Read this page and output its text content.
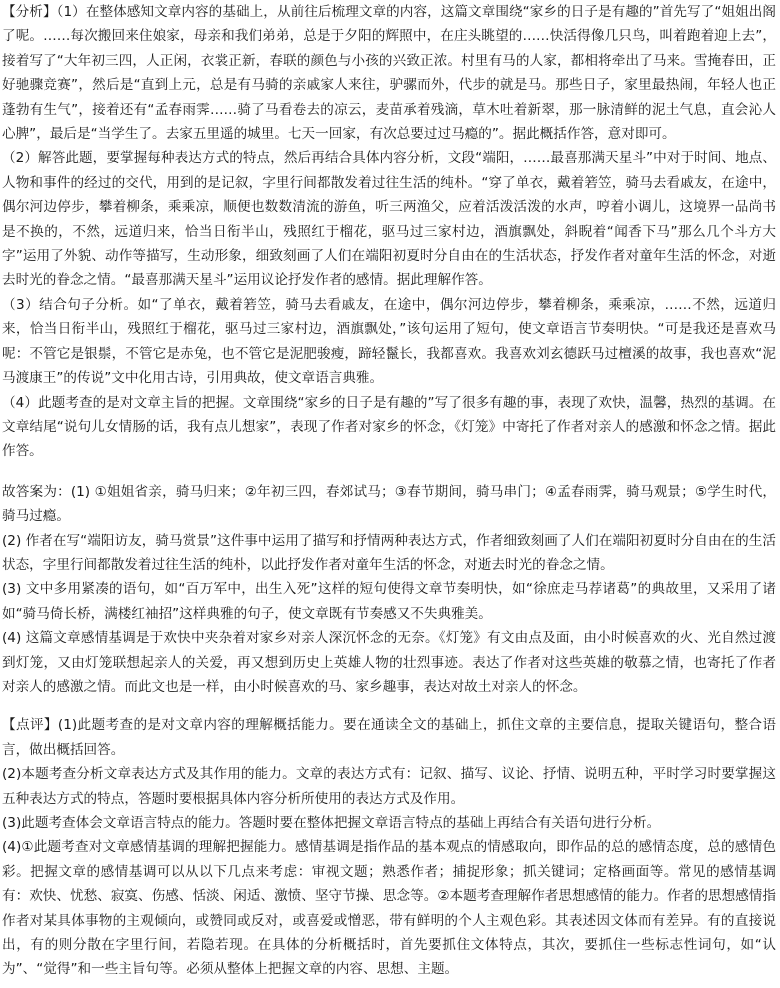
【分析】（1）在整体感知文章内容的基础上，从前往后梳理文章的内容，这篇文章围绕“家乡的日子是有趣的”首先写了“姐姐出阁了呢。……每次搬回来住娘家，母亲和我们弟弟，总是于夕阳的辉照中，在庄头眺望的……快活得像几只鸟，叫着跑着迎上去”，接着写了“大年初三四，人正闲，衣裳正新，春联的颜色与小孩的兴致正浓。村里有马的人家，都相将牵出了马来。雪掩春田，正好驰骤竞赛”，然后是“直到上元，总是有马骑的亲戚家人来往，驴骡而外，代步的就是马。那些日子，家里最热闹，年轻人也正蓬勃有生气”，接着还有“孟春雨霁……骑了马看卷去的凉云，麦苗承着残滴，草木吐着新翠，那一脉清鲜的泥土气息，直会沁人心脾”，最后是“当学生了。去家五里遥的城里。七天一回家，有次总要过过马瘾的”。据此概括作答，意对即可。

（2）解答此题，要掌握每种表达方式的特点，然后再结合具体内容分析，文段“端阳，……最喜那满天星斗”中对于时间、地点、人物和事件的经过的交代，用到的是记叙，字里行间都散发着过往生活的纯朴。“穿了单衣，戴着箬笠，骑马去看戚友，在途中，偶尔河边停步，攀着柳条，乘乘凉，顺便也数数清流的游鱼，听三两渔父，应着活泼活泼的水声，哼着小调儿，这境界一品尚书是不换的，不然，远道归来，恰当日衔半山，残照红于榴花，驱马过三家村边，酒旗飘处，斜睨着“闻香下马”那么几个斗方大字”运用了外貌、动作等描写，生动形象，细致刻画了人们在端阳初夏时分自由在的生活状态，抒发作者对童年生活的怀念，对逝去时光的眷念之情。“最喜那满天星斗”运用议论抒发作者的感情。据此理解作答。

（3）结合句子分析。如“了单衣，戴着箬笠，骑马去看戚友，在途中，偶尔河边停步，攀着柳条，乘乘凉，……不然，远道归来，恰当日衔半山，残照红于榴花，驱马过三家村边，酒旗飘处，”该句运用了短句，使文章语言节奏明快。“可是我还是喜欢马呢：不管它是银鬃，不管它是赤兔，也不管它是泥肥骏瘦，蹄轻鬣长，我都喜欢。我喜欢刘玄德跃马过檀溪的故事，我也喜欢“泥马渡康王”的传说”文中化用古诗，引用典故，使文章语言典雅。

（4）此题考查的是对文章主旨的把握。文章围绕“家乡的日子是有趣的”写了很多有趣的事，表现了欢快，温馨，热烈的基调。在文章结尾“说句儿女情肠的话，我有点儿想家”，表现了作者对家乡的怀念，《灯笼》中寄托了作者对亲人的感激和怀念之情。据此作答。

故答案为：(1) ①姐姐省亲，骑马归来；②年初三四，春郊试马；③春节期间，骑马串门；④孟春雨霁，骑马观景；⑤学生时代，骑马过瘾。

(2) 作者在写“端阳访友，骑马赏景”这件事中运用了描写和抒情两种表达方式，作者细致刻画了人们在端阳初夏时分自由在的生活状态，字里行间都散发着过往生活的纯朴，以此抒发作者对童年生活的怀念，对逝去时光的眷念之情。

(3) 文中多用紧凑的语句，如“百万军中，出生入死”这样的短句使得文章节奏明快，如“徐庶走马荐诸葛”的典故里，又采用了诸如“骑马倚长桥，满楼红袖招”这样典雅的句子，使文章既有节奏感又不失典雅美。

(4) 这篇文章感情基调是于欢快中夹杂着对家乡对亲人深沉怀念的无奈。《灯笼》有文由点及面，由小时候喜欢的火、光自然过渡到灯笼，又由灯笼联想起亲人的关爱，再又想到历史上英雄人物的壮烈事迹。表达了作者对这些英雄的敬慕之情，也寄托了作者对亲人的感激之情。而此文也是一样，由小时候喜欢的马、家乡趣事，表达对故土对亲人的怀念。

【点评】(1)此题考查的是对文章内容的理解概括能力。要在通读全文的基础上，抓住文章的主要信息，提取关键语句，整合语言，做出概括回答。

(2)本题考查分析文章表达方式及其作用的能力。文章的表达方式有：记叙、描写、议论、抒情、说明五种，平时学习时要掌握这五种表达方式的特点，答题时要根据具体内容分析所使用的表达方式及作用。

(3)此题考查体会文章语言特点的能力。答题时要在整体把握文章语言特点的基础上再结合有关语句进行分析。

(4)①此题考查对文章感情基调的理解把握能力。感情基调是指作品的基本观点的情感取向，即作品的总的感情态度，总的感情色彩。把握文章的感情基调可以从以下几点来考虑：审视文题；熟悉作者；捕捉形象；抓关键词；定格画面等。常见的感情基调有：欢快、忧愁、寂寞、伤感、恬淡、闲适、激愤、坚守节操、思念等。②本题考查理解作者思想感情的能力。作者的思想感情指作者对某具体事物的主观倾向，或赞同或反对，或喜爱或憎恶，带有鲜明的个人主观色彩。其表述因文体而有差异。有的直接说出，有的则分散在字里行间，若隐若现。在具体的分析概括时，首先要抓住文体特点，其次，要抓住一些标志性词句，如“认为”、“觉得”和一些主旨句等。必须从整体上把握文章的内容、思想、主题。
